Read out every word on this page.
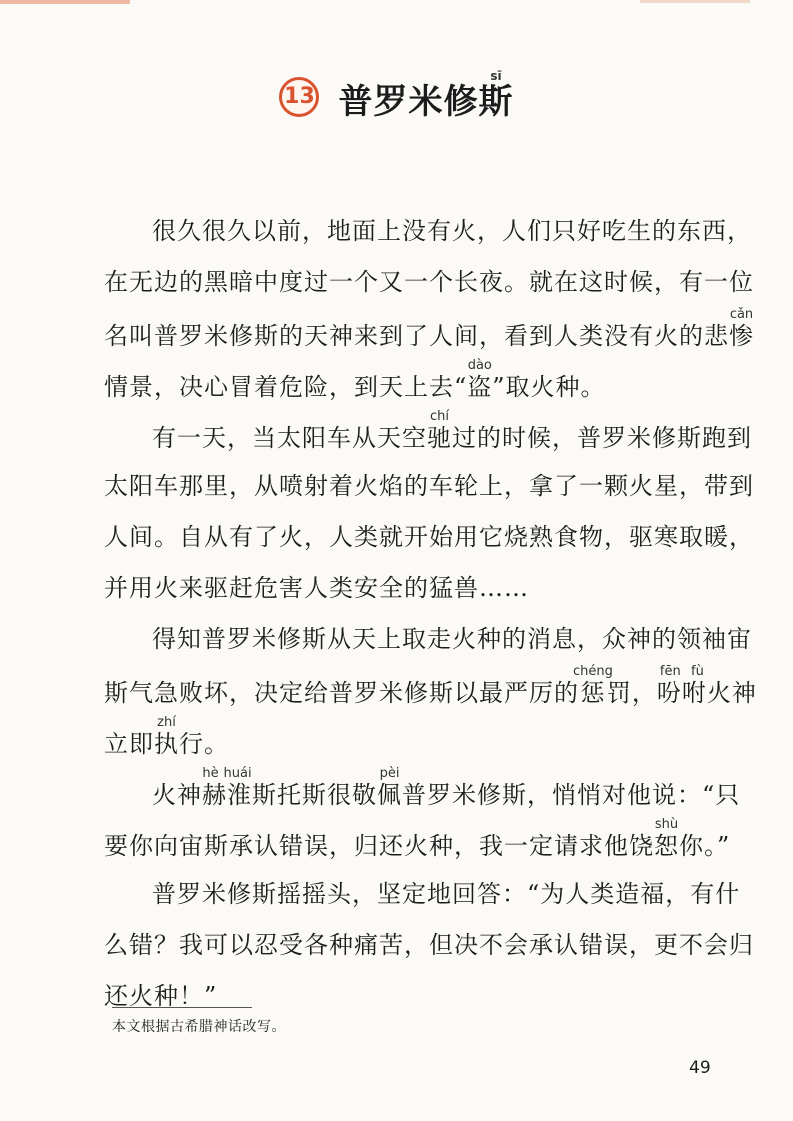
13 普罗米修斯sī
很久很久以前，地面上没有火，人们只好吃生的东西，
在无边的黑暗中度过一个又一个长夜。就在这时候，有一位
名叫普罗米修斯的天神来到了人间，看到人类没有火的悲惨cǎn
情景，决心冒着危险，到天上去“盗dào”取火种。
有一天，当太阳车从天空驰chí过的时候，普罗米修斯跑到
太阳车那里，从喷射着火焰的车轮上，拿了一颗火星，带到
人间。自从有了火，人类就开始用它烧熟食物，驱寒取暖，
并用火来驱赶危害人类安全的猛兽……
得知普罗米修斯从天上取走火种的消息，众神的领袖宙
斯气急败坏，决定给普罗米修斯以最严厉的惩chéng罚，吩咐fēn fù火神
立即执zhí行。
火神赫淮hè huái斯托斯很敬佩pèi普罗米修斯，悄悄对他说：“只
要你向宙斯承认错误，归还火种，我一定请求他饶恕shù你。”
普罗米修斯摇摇头，坚定地回答：“为人类造福，有什
么错？我可以忍受各种痛苦，但决不会承认错误，更不会归
还火种！”
本文根据古希腊神话改写。
49
